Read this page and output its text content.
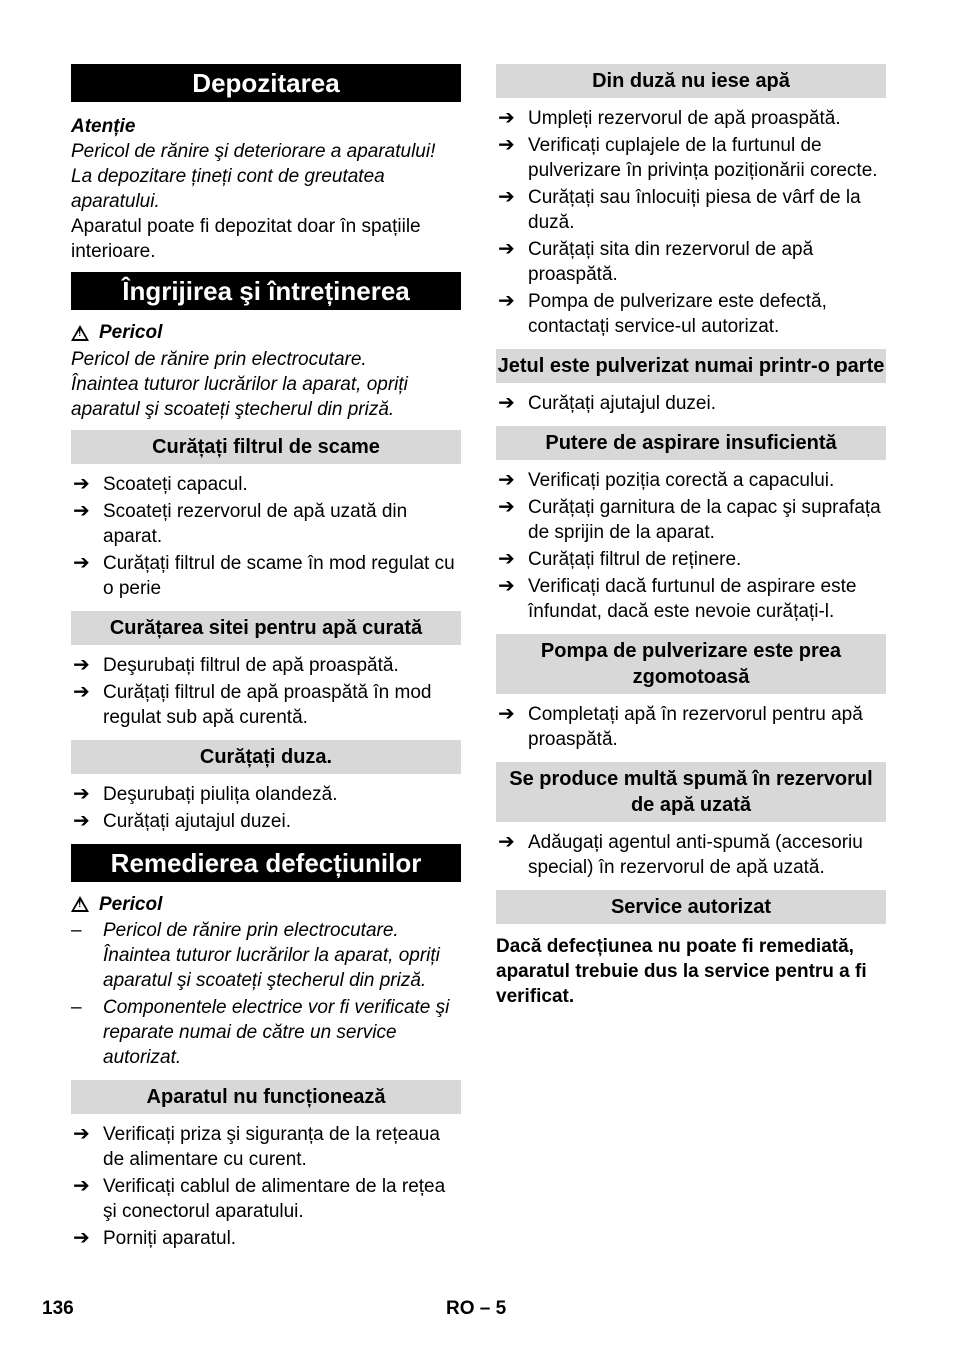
Depozitarea

Atenție

Pericol de rănire şi deteriorare a aparatului!

La depozitare țineți cont de greutatea aparatului.

Aparatul poate fi depozitat doar în spațiile interioare.

Îngrijirea şi întreținerea
!
Pericol

Pericol de rănire prin electrocutare.

Înaintea tuturor lucrărilor la aparat, opriți aparatul şi scoateți ştecherul din priză.

Curățați filtrul de scame
➔ Scoateți capacul.
➔ Scoateți rezervorul de apă uzată din aparat.
➔ Curățați filtrul de scame în mod regulat cu o perie
Curățarea sitei pentru apă curată
➔ Deşurubați filtrul de apă proaspătă.
➔ Curățați filtrul de apă proaspătă în mod regulat sub apă curentă.
Curățați duza.
➔ Deşurubați piulița olandeză.
➔ Curățați ajutajul duzei.
Remedierea defecțiunilor
!
Pericol
– Pericol de rănire prin electrocutare. Înaintea tuturor lucrărilor la aparat, opriți aparatul şi scoateți ştecherul din priză.
– Componentele electrice vor fi verificate şi reparate numai de către un service autorizat.
Aparatul nu funcționează
➔ Verificați priza şi siguranța de la rețeaua de alimentare cu curent.
➔ Verificați cablul de alimentare de la rețea şi conectorul aparatului.
➔ Porniți aparatul.
Din duză nu iese apă
➔ Umpleți rezervorul de apă proaspătă.
➔ Verificați cuplajele de la furtunul de pulverizare în privința poziționării corecte.
➔ Curățați sau înlocuiți piesa de vârf de la duză.
➔ Curățați sita din rezervorul de apă proaspătă.
➔ Pompa de pulverizare este defectă, contactați service-ul autorizat.
Jetul este pulverizat numai printr-o parte
➔ Curățați ajutajul duzei.
Putere de aspirare insuficientă
➔ Verificați poziția corectă a capacului.
➔ Curățați garnitura de la capac şi suprafața de sprijin de la aparat.
➔ Curățați filtrul de reținere.
➔ Verificați dacă furtunul de aspirare este înfundat, dacă este nevoie curățați-l.
Pompa de pulverizare este prea zgomotoasă
➔ Completați apă în rezervorul pentru apă proaspătă.
Se produce multă spumă în rezervorul de apă uzată
➔ Adăugați agentul anti-spumă (accesoriu special) în rezervorul de apă uzată.
Service autorizat

Dacă defecțiunea nu poate fi remediată, aparatul trebuie dus la service pentru a fi verificat.

136	RO – 5
